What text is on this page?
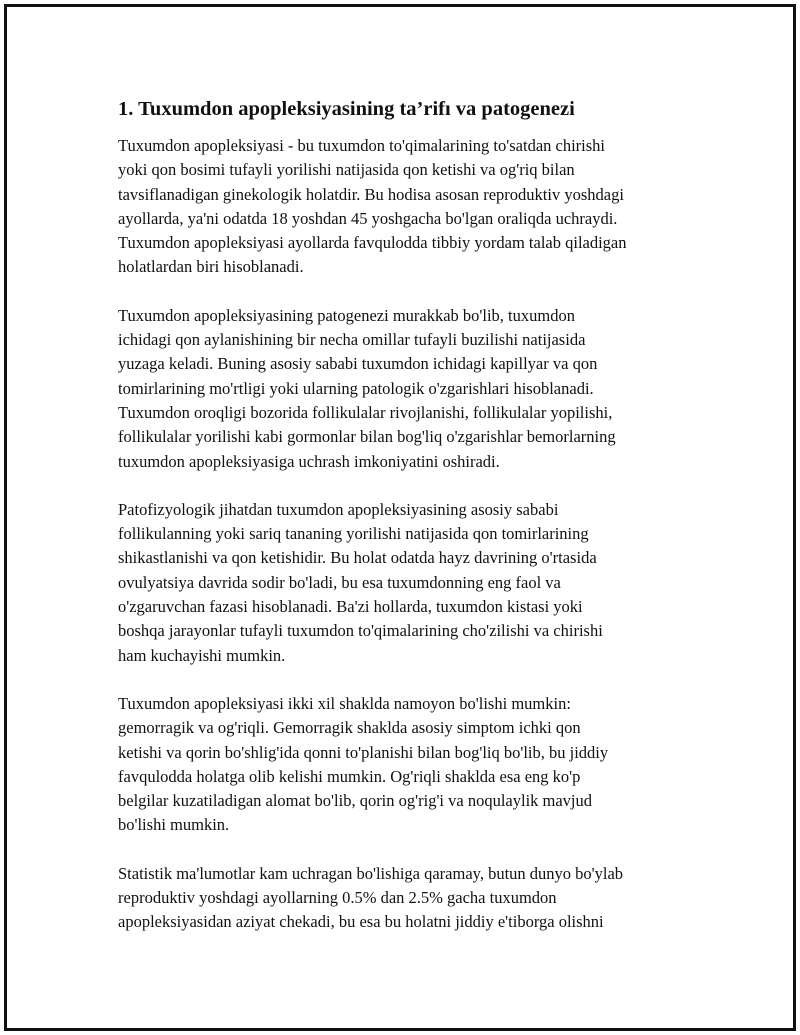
1. Tuxumdon apopleksiyasining ta’rifı va patogenezi

Tuxumdon apopleksiyasi - bu tuxumdon to'qimalarining to'satdan chirishi
yoki qon bosimi tufayli yorilishi natijasida qon ketishi va og'riq bilan
tavsiflanadigan ginekologik holatdir. Bu hodisa asosan reproduktiv yoshdagi
ayollarda, ya'ni odatda 18 yoshdan 45 yoshgacha bo'lgan oraliqda uchraydi.
Tuxumdon apopleksiyasi ayollarda favqulodda tibbiy yordam talab qiladigan
holatlardan biri hisoblanadi.

Tuxumdon apopleksiyasining patogenezi murakkab bo'lib, tuxumdon
ichidagi qon aylanishining bir necha omillar tufayli buzilishi natijasida
yuzaga keladi. Buning asosiy sababi tuxumdon ichidagi kapillyar va qon
tomirlarining mo'rtligi yoki ularning patologik o'zgarishlari hisoblanadi.
Tuxumdon oroqligi bozorida follikulalar rivojlanishi, follikulalar yopilishi,
follikulalar yorilishi kabi gormonlar bilan bog'liq o'zgarishlar bemorlarning
tuxumdon apopleksiyasiga uchrash imkoniyatini oshiradi.

Patofizyologik jihatdan tuxumdon apopleksiyasining asosiy sababi
follikulanning yoki sariq tananing yorilishi natijasida qon tomirlarining
shikastlanishi va qon ketishidir. Bu holat odatda hayz davrining o'rtasida
ovulyatsiya davrida sodir bo'ladi, bu esa tuxumdonning eng faol va
o'zgaruvchan fazasi hisoblanadi. Ba'zi hollarda, tuxumdon kistasi yoki
boshqa jarayonlar tufayli tuxumdon to'qimalarining cho'zilishi va chirishi
ham kuchayishi mumkin.

Tuxumdon apopleksiyasi ikki xil shaklda namoyon bo'lishi mumkin:
gemorragik va og'riqli. Gemorragik shaklda asosiy simptom ichki qon
ketishi va qorin bo'shlig'ida qonni to'planishi bilan bog'liq bo'lib, bu jiddiy
favqulodda holatga olib kelishi mumkin. Og'riqli shaklda esa eng ko'p
belgilar kuzatiladigan alomat bo'lib, qorin og'rig'i va noqulaylik mavjud
bo'lishi mumkin.

Statistik ma'lumotlar kam uchragan bo'lishiga qaramay, butun dunyo bo'ylab
reproduktiv yoshdagi ayollarning 0.5% dan 2.5% gacha tuxumdon
apopleksiyasidan aziyat chekadi, bu esa bu holatni jiddiy e'tiborga olishni
